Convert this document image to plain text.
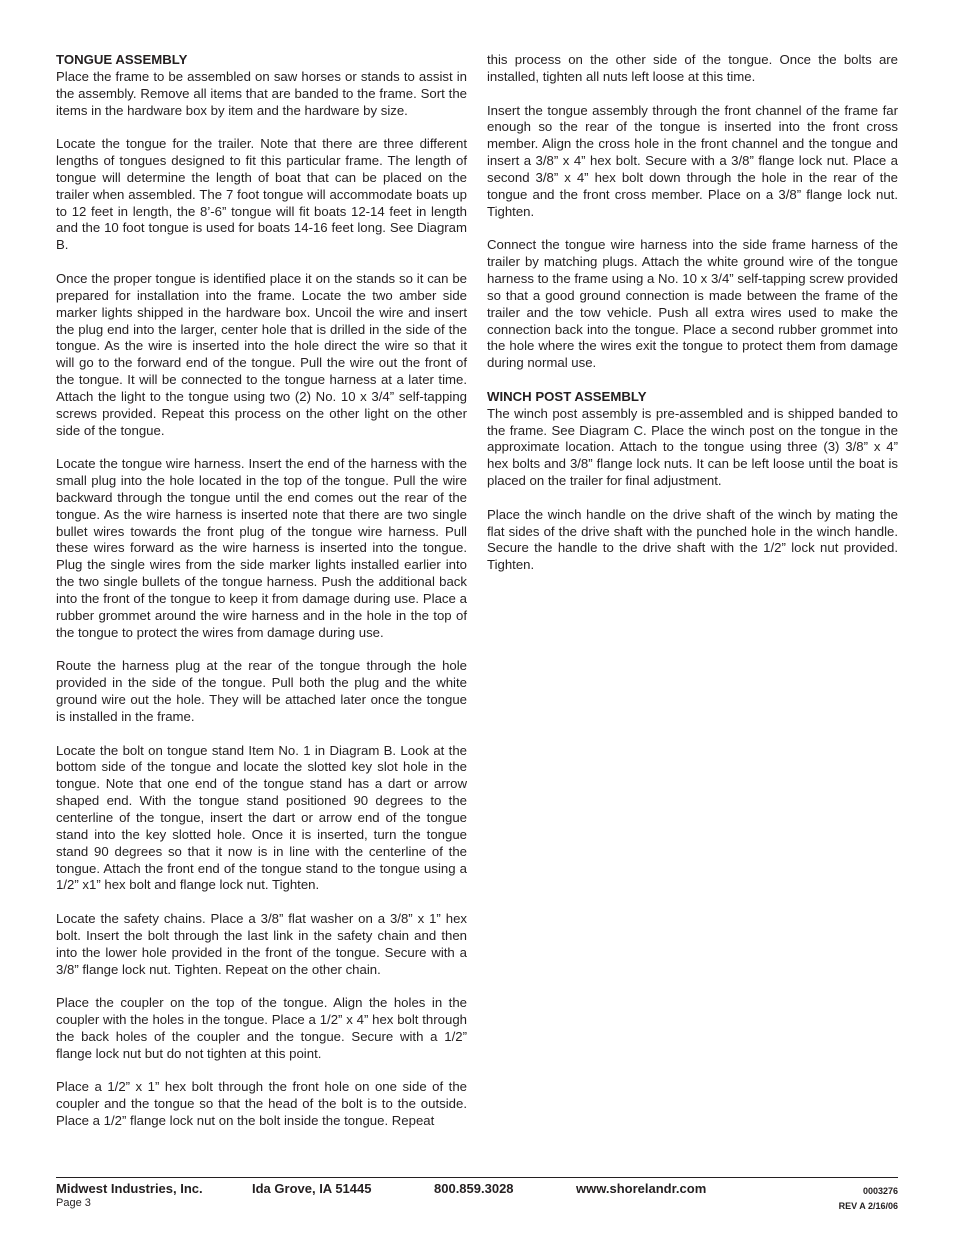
TONGUE ASSEMBLY

Place the frame to be assembled on saw horses or stands to assist in the assembly. Remove all items that are banded to the frame. Sort the items in the hardware box by item and the hardware by size.

Locate the tongue for the trailer. Note that there are three different lengths of tongues designed to fit this particular frame. The length of tongue will determine the length of boat that can be placed on the trailer when assembled. The 7 foot tongue will accommodate boats up to 12 feet in length, the 8’-6” tongue will fit boats 12-14 feet in length and the 10 foot tongue is used for boats 14-16 feet long. See Diagram B.

Once the proper tongue is identified place it on the stands so it can be prepared for installation into the frame. Locate the two amber side marker lights shipped in the hardware box. Uncoil the wire and insert the plug end into the larger, center hole that is drilled in the side of the tongue. As the wire is inserted into the hole direct the wire so that it will go to the forward end of the tongue. Pull the wire out the front of the tongue. It will be connected to the tongue harness at a later time. Attach the light to the tongue using two (2) No. 10 x 3/4” self-tapping screws provided. Repeat this process on the other light on the other side of the tongue.

Locate the tongue wire harness. Insert the end of the harness with the small plug into the hole located in the top of the tongue. Pull the wire backward through the tongue until the end comes out the rear of the tongue. As the wire harness is inserted note that there are two single bullet wires towards the front plug of the tongue wire harness. Pull these wires forward as the wire harness is inserted into the tongue. Plug the single wires from the side marker lights installed earlier into the two single bullets of the tongue harness. Push the additional back into the front of the tongue to keep it from damage during use. Place a rubber grommet around the wire harness and in the hole in the top of the tongue to protect the wires from damage during use.

Route the harness plug at the rear of the tongue through the hole provided in the side of the tongue. Pull both the plug and the white ground wire out the hole. They will be attached later once the tongue is installed in the frame.

Locate the bolt on tongue stand Item No. 1 in Diagram B. Look at the bottom side of the tongue and locate the slotted key slot hole in the tongue. Note that one end of the tongue stand has a dart or arrow shaped end. With the tongue stand positioned 90 degrees to the centerline of the tongue, insert the dart or arrow end of the tongue stand into the key slotted hole. Once it is inserted, turn the tongue stand 90 degrees so that it now is in line with the centerline of the tongue. Attach the front end of the tongue stand to the tongue using a 1/2” x1” hex bolt and flange lock nut. Tighten.

Locate the safety chains. Place a 3/8” flat washer on a 3/8” x 1” hex bolt. Insert the bolt through the last link in the safety chain and then into the lower hole provided in the front of the tongue. Secure with a 3/8” flange lock nut. Tighten. Repeat on the other chain.

Place the coupler on the top of the tongue. Align the holes in the coupler with the holes in the tongue. Place a 1/2” x 4” hex bolt through the back holes of the coupler and the tongue. Secure with a 1/2” flange lock nut but do not tighten at this point.

Place a 1/2” x 1” hex bolt through the front hole on one side of the coupler and the tongue so that the head of the bolt is to the outside. Place a 1/2” flange lock nut on the bolt inside the tongue. Repeat

this process on the other side of the tongue. Once the bolts are installed, tighten all nuts left loose at this time.

Insert the tongue assembly through the front channel of the frame far enough so the rear of the tongue is inserted into the front cross member. Align the cross hole in the front channel and the tongue and insert a 3/8” x 4” hex bolt. Secure with a 3/8” flange lock nut. Place a second 3/8” x 4” hex bolt down through the hole in the rear of the tongue and the front cross member. Place on a 3/8” flange lock nut. Tighten.

Connect the tongue wire harness into the side frame harness of the trailer by matching plugs. Attach the white ground wire of the tongue harness to the frame using a No. 10 x 3/4” self-tapping screw provided so that a good ground connection is made between the frame of the trailer and the tow vehicle. Push all extra wires used to make the connection back into the tongue. Place a second rubber grommet into the hole where the wires exit the tongue to protect them from damage during normal use.

WINCH POST ASSEMBLY

The winch post assembly is pre-assembled and is shipped banded to the frame. See Diagram C. Place the winch post on the tongue in the approximate location. Attach to the tongue using three (3) 3/8” x 4” hex bolts and 3/8” flange lock nuts. It can be left loose until the boat is placed on the trailer for final adjustment.

Place the winch handle on the drive shaft of the winch by mating the flat sides of the drive shaft with the punched hole in the winch handle. Secure the handle to the drive shaft with the 1/2” lock nut provided. Tighten.

Midwest Industries, Inc.	Ida Grove, IA 51445	800.859.3028	www.shorelandr.com
Page 3
0003276
REV A 2/16/06
